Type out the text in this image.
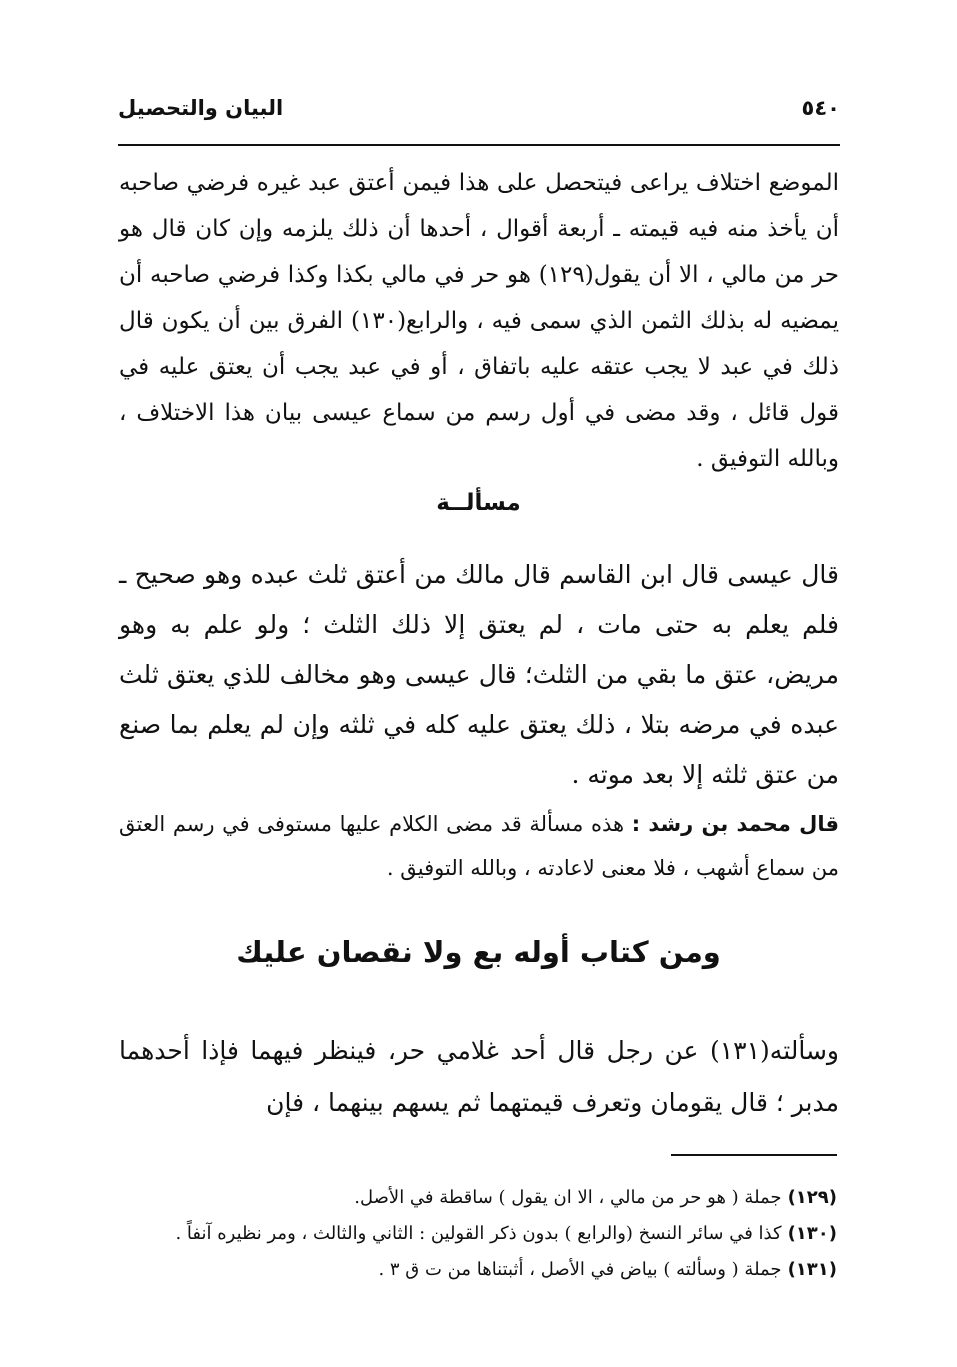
البيان والتحصيل	٥٤٠

الموضع اختلاف يراعى فيتحصل على هذا فيمن أعتق عبد غيره فرضي صاحبه أن يأخذ منه فيه قيمته ـ أربعة أقوال ، أحدها أن ذلك يلزمه وإن كان قال هو حر من مالي ، الا أن يقول(١٢٩) هو حر في مالي بكذا وكذا فرضي صاحبه أن يمضيه له بذلك الثمن الذي سمى فيه ، والرابع(١٣٠) الفرق بين أن يكون قال ذلك في عبد لا يجب عتقه عليه باتفاق ، أو في عبد يجب أن يعتق عليه في قول قائل ، وقد مضى في أول رسم من سماع عيسى بيان هذا الاختلاف ، وبالله التوفيق .

مسألــة

قال عيسى قال ابن القاسم قال مالك من أعتق ثلث عبده وهو صحيح ـ فلم يعلم به حتى مات ، لم يعتق إلا ذلك الثلث ؛ ولو علم به وهو مريض، عتق ما بقي من الثلث؛ قال عيسى وهو مخالف للذي يعتق ثلث عبده في مرضه بتلا ، ذلك يعتق عليه كله في ثلثه وإن لم يعلم بما صنع من عتق ثلثه إلا بعد موته .

قال محمد بن رشد : هذه مسألة قد مضى الكلام عليها مستوفى في رسم العتق من سماع أشهب ، فلا معنى لاعادته ، وبالله التوفيق .

ومن كتاب أوله بع ولا نقصان عليك

وسألته(١٣١) عن رجل قال أحد غلامي حر، فينظر فيهما فإذا أحدهما مدبر ؛ قال يقومان وتعرف قيمتهما ثم يسهم بينهما ، فإن

(١٢٩)جملة ( هو حر من مالي ، الا ان يقول ) ساقطة في الأصل.
(١٣٠)كذا في سائر النسخ (والرابع ) بدون ذكر القولين : الثاني والثالث ، ومر نظيره آنفاً .
(١٣١)جملة ( وسألته ) بياض في الأصل ، أثبتناها من ت ق ٣ .
